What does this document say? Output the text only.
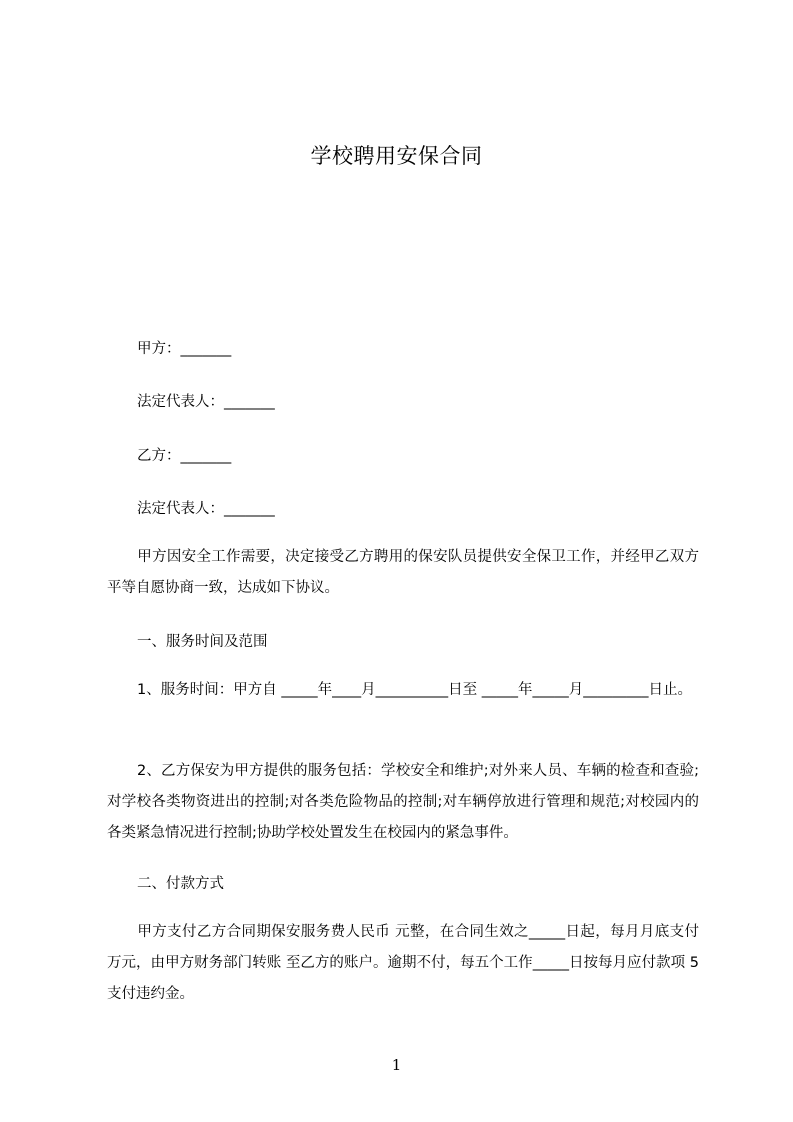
学校聘用安保合同
甲方：_______
法定代表人：_______
乙方：_______
法定代表人：_______
甲方因安全工作需要，决定接受乙方聘用的保安队员提供安全保卫工作，并经甲乙双方平等自愿协商一致，达成如下协议。
一、服务时间及范围
1、服务时间：甲方自 _____年____月__________日至 _____年_____月_________日止。
2、乙方保安为甲方提供的服务包括：学校安全和维护;对外来人员、车辆的检查和查验;对学校各类物资进出的控制;对各类危险物品的控制;对车辆停放进行管理和规范;对校园内的各类紧急情况进行控制;协助学校处置发生在校园内的紧急事件。
二、付款方式
甲方支付乙方合同期保安服务费人民币 元整，在合同生效之_____日起，每月月底支付 万元，由甲方财务部门转账 至乙方的账户。逾期不付，每五个工作_____日按每月应付款项 5 支付违约金。
1
